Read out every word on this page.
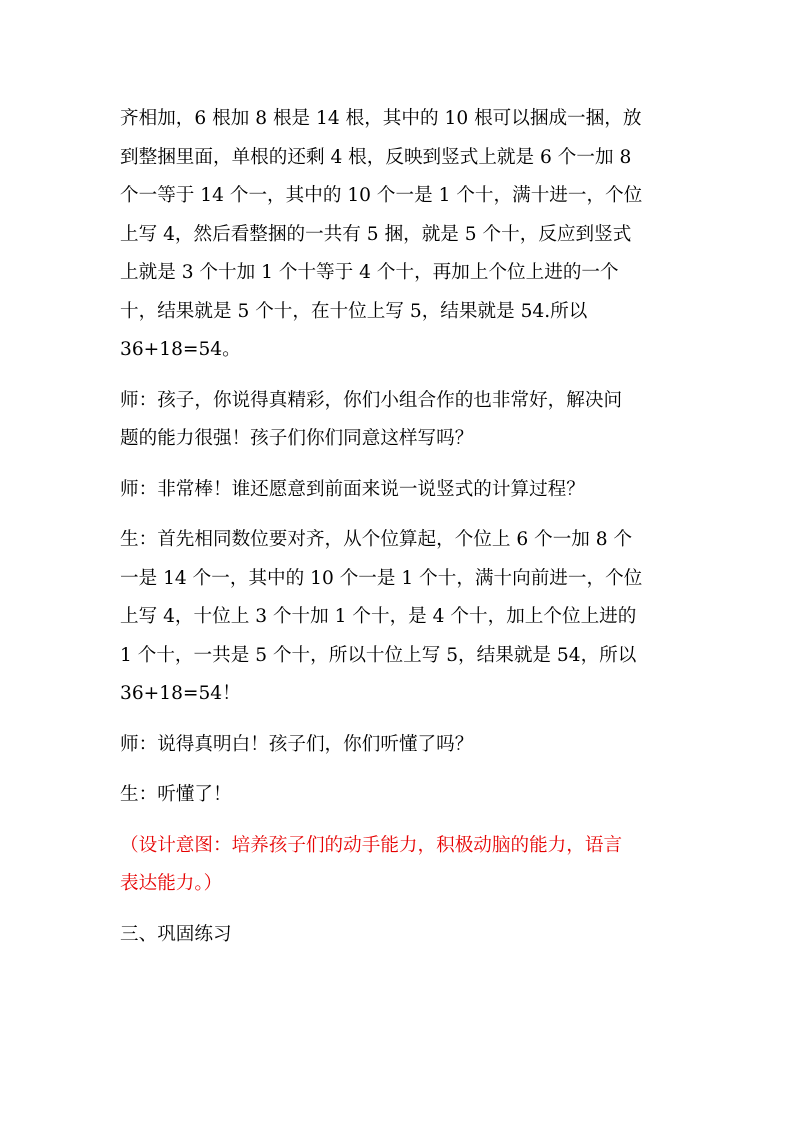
齐相加，6 根加 8 根是 14 根，其中的 10 根可以捆成一捆，放
到整捆里面，单根的还剩 4 根，反映到竖式上就是 6 个一加 8
个一等于 14 个一，其中的 10 个一是 1 个十，满十进一，个位
上写 4，然后看整捆的一共有 5 捆，就是 5 个十，反应到竖式
上就是 3 个十加 1 个十等于 4 个十，再加上个位上进的一个
十，结果就是 5 个十，在十位上写 5，结果就是 54.所以
36+18=54。

师：孩子，你说得真精彩，你们小组合作的也非常好，解决问
题的能力很强！孩子们你们同意这样写吗？

师：非常棒！谁还愿意到前面来说一说竖式的计算过程？

生：首先相同数位要对齐，从个位算起，个位上 6 个一加 8 个
一是 14 个一，其中的 10 个一是 1 个十，满十向前进一，个位
上写 4，十位上 3 个十加 1 个十，是 4 个十，加上个位上进的
1 个十，一共是 5 个十，所以十位上写 5，结果就是 54，所以
36+18=54！

师：说得真明白！孩子们，你们听懂了吗？

生：听懂了！

（设计意图：培养孩子们的动手能力，积极动脑的能力，语言
表达能力。）

三、巩固练习
